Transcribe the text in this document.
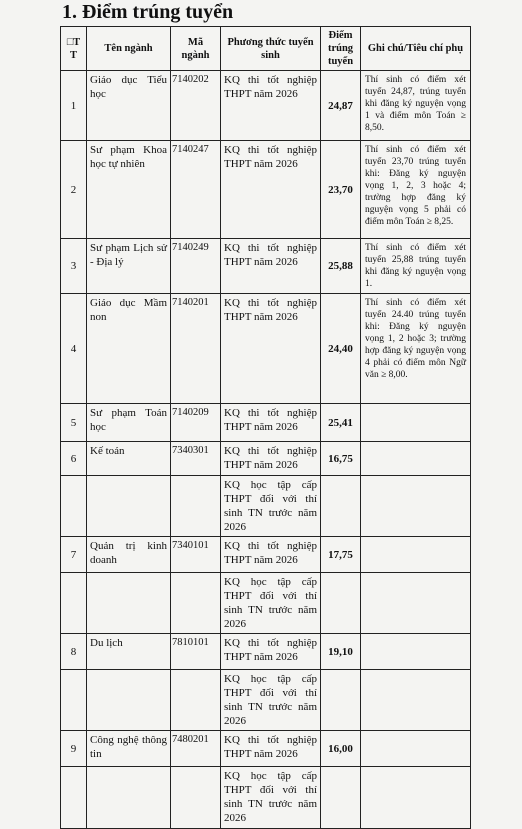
1. Điểm trúng tuyển
□T T	Tên ngành	Mã ngành	Phương thức tuyển sinh	Điểm trúng tuyển	Ghi chú/Tiêu chí phụ
1	Giáo dục Tiểu học	7140202	KQ thi tốt nghiệp THPT năm 2026	24,87	Thí sinh có điểm xét tuyển 24,87, trúng tuyển khi đăng ký nguyện vọng 1 và điểm môn Toán ≥ 8,50.
2	Sư phạm Khoa học tự nhiên	7140247	KQ thi tốt nghiệp THPT năm 2026	23,70	Thí sinh có điểm xét tuyển 23,70 trúng tuyển khi: Đăng ký nguyện vọng 1, 2, 3 hoặc 4; trường hợp đăng ký nguyện vọng 5 phải có điểm môn Toán ≥ 8,25.
3	Sư phạm Lịch sử - Địa lý	7140249	KQ thi tốt nghiệp THPT năm 2026	25,88	Thí sinh có điểm xét tuyển 25,88 trúng tuyển khi đăng ký nguyện vọng 1.
4	Giáo dục Mầm non	7140201	KQ thi tốt nghiệp THPT năm 2026	24,40	Thí sinh có điểm xét tuyển 24.40 trúng tuyển khi: Đăng ký nguyện vọng 1, 2 hoặc 3; trường hợp đăng ký nguyện vọng 4 phải có điểm môn Ngữ văn ≥ 8,00.
5	Sư phạm Toán học	7140209	KQ thi tốt nghiệp THPT năm 2026	25,41	
6	Kế toán	7340301	KQ thi tốt nghiệp THPT năm 2026	16,75	
			KQ học tập cấp THPT đối với thí sinh TN trước năm 2026		
7	Quản trị kinh doanh	7340101	KQ thi tốt nghiệp THPT năm 2026	17,75	
			KQ học tập cấp THPT đối với thí sinh TN trước năm 2026		
8	Du lịch	7810101	KQ thi tốt nghiệp THPT năm 2026	19,10	
			KQ học tập cấp THPT đối với thí sinh TN trước năm 2026		
9	Công nghệ thông tin	7480201	KQ thi tốt nghiệp THPT năm 2026	16,00	
			KQ học tập cấp THPT đối với thí sinh TN trước năm 2026		
